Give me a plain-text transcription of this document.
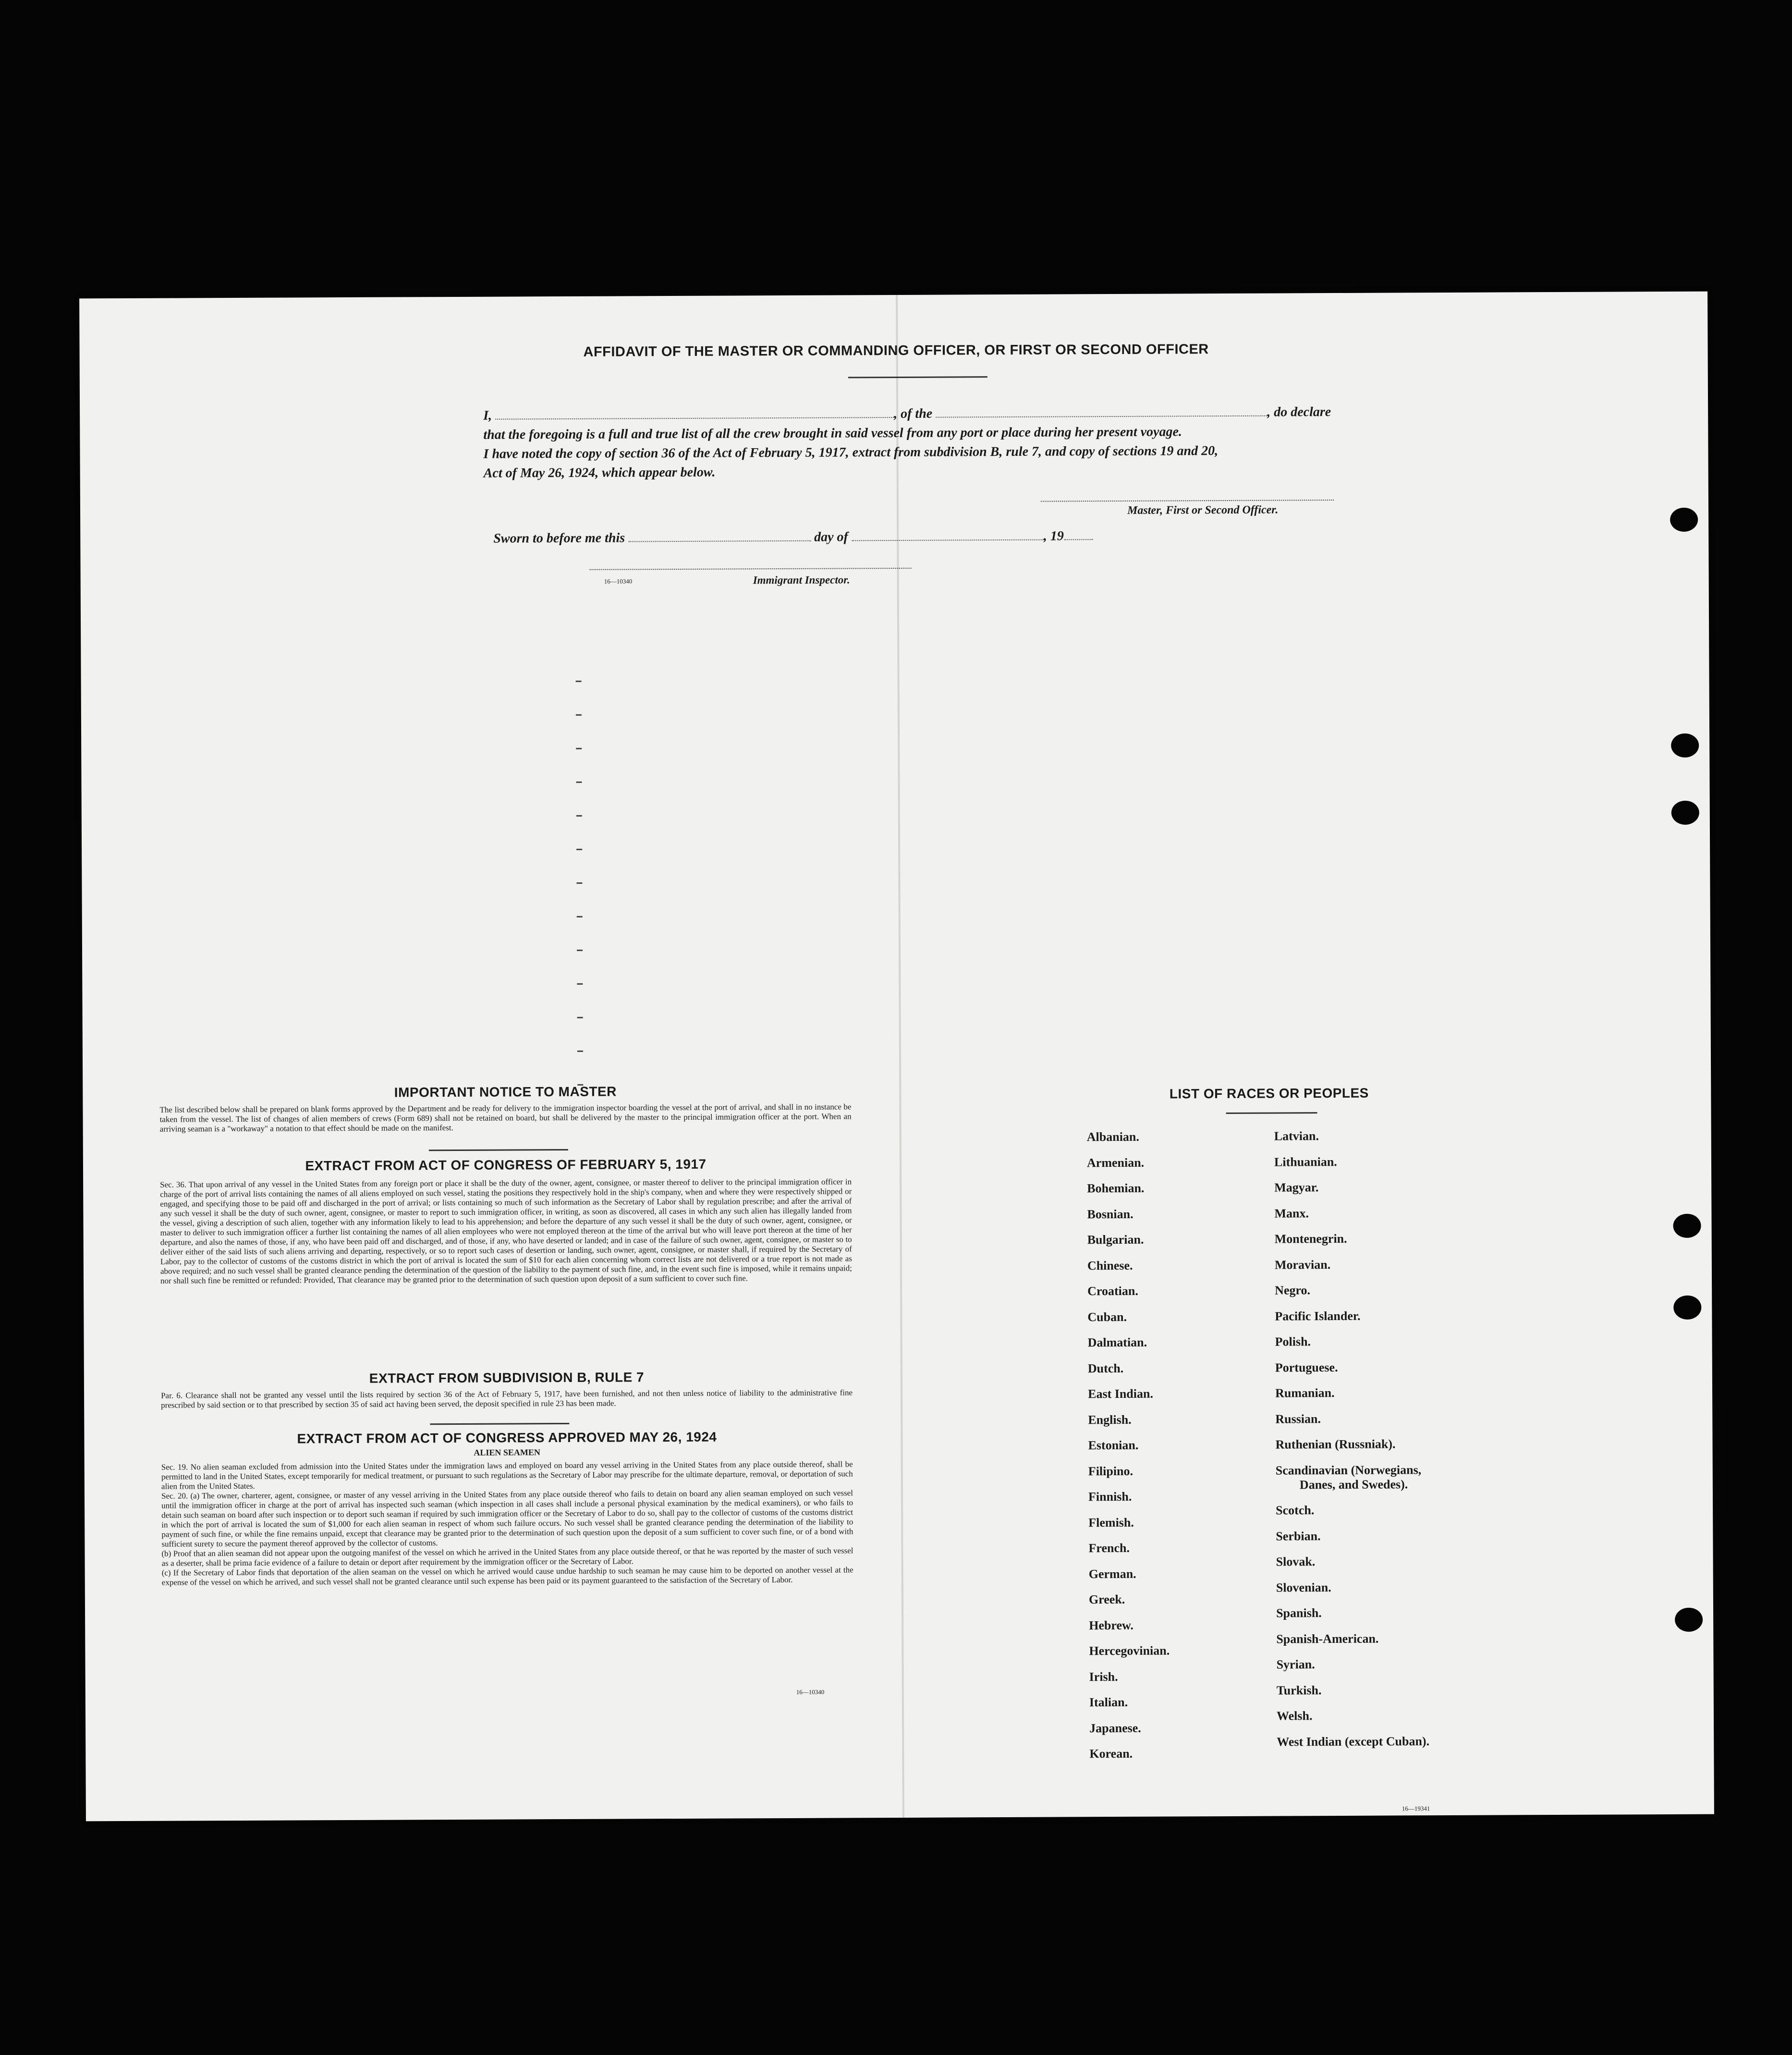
AFFIDAVIT OF THE MASTER OR COMMANDING OFFICER, OR FIRST OR SECOND OFFICER
I,	, of the	, do declare
that the foregoing is a full and true list of all the crew brought in said vessel from any port or place during her present voyage.
I have noted the copy of section 36 of the Act of February 5, 1917, extract from subdivision B, rule 7, and copy of sections 19 and 20,
Act of May 26, 1924, which appear below.
Master, First or Second Officer.
Sworn to before me this	day of	, 19
16—10340	Immigrant Inspector.
IMPORTANT NOTICE TO MASTER
The list described below shall be prepared on blank forms approved by the Department and be ready for delivery to the immigration inspector boarding the vessel at the port of arrival, and shall in no instance be taken from the vessel. The list of changes of alien members of crews (Form 689) shall not be retained on board, but shall be delivered by the master to the principal immigration officer at the port. When an arriving seaman is a "workaway" a notation to that effect should be made on the manifest.
EXTRACT FROM ACT OF CONGRESS OF FEBRUARY 5, 1917
Sec. 36. That upon arrival of any vessel in the United States from any foreign port or place it shall be the duty of the owner, agent, consignee, or master thereof to deliver to the principal immigration officer in charge of the port of arrival lists containing the names of all aliens employed on such vessel, stating the positions they respectively hold in the ship's company, when and where they were respectively shipped or engaged, and specifying those to be paid off and discharged in the port of arrival; or lists containing so much of such information as the Secretary of Labor shall by regulation prescribe; and after the arrival of any such vessel it shall be the duty of such owner, agent, consignee, or master to report to such immigration officer, in writing, as soon as discovered, all cases in which any such alien has illegally landed from the vessel, giving a description of such alien, together with any information likely to lead to his apprehension; and before the departure of any such vessel it shall be the duty of such owner, agent, consignee, or master to deliver to such immigration officer a further list containing the names of all alien employees who were not employed thereon at the time of the arrival but who will leave port thereon at the time of her departure, and also the names of those, if any, who have been paid off and discharged, and of those, if any, who have deserted or landed; and in case of the failure of such owner, agent, consignee, or master so to deliver either of the said lists of such aliens arriving and departing, respectively, or so to report such cases of desertion or landing, such owner, agent, consignee, or master shall, if required by the Secretary of Labor, pay to the collector of customs of the customs district in which the port of arrival is located the sum of $10 for each alien concerning whom correct lists are not delivered or a true report is not made as above required; and no such vessel shall be granted clearance pending the determination of the question of the liability to the payment of such fine, and, in the event such fine is imposed, while it remains unpaid; nor shall such fine be remitted or refunded: Provided, That clearance may be granted prior to the determination of such question upon deposit of a sum sufficient to cover such fine.
EXTRACT FROM SUBDIVISION B, RULE 7
Par. 6. Clearance shall not be granted any vessel until the lists required by section 36 of the Act of February 5, 1917, have been furnished, and not then unless notice of liability to the administrative fine prescribed by said section or to that prescribed by section 35 of said act having been served, the deposit specified in rule 23 has been made.
EXTRACT FROM ACT OF CONGRESS APPROVED MAY 26, 1924
ALIEN SEAMEN
Sec. 19. No alien seaman excluded from admission into the United States under the immigration laws and employed on board any vessel arriving in the United States from any place outside thereof, shall be permitted to land in the United States, except temporarily for medical treatment, or pursuant to such regulations as the Secretary of Labor may prescribe for the ultimate departure, removal, or deportation of such alien from the United States.
Sec. 20. (a) The owner, charterer, agent, consignee, or master of any vessel arriving in the United States from any place outside thereof who fails to detain on board any alien seaman employed on such vessel until the immigration officer in charge at the port of arrival has inspected such seaman (which inspection in all cases shall include a personal physical examination by the medical examiners), or who fails to detain such seaman on board after such inspection or to deport such seaman if required by such immigration officer or the Secretary of Labor to do so, shall pay to the collector of customs of the customs district in which the port of arrival is located the sum of $1,000 for each alien seaman in respect of whom such failure occurs. No such vessel shall be granted clearance pending the determination of the liability to payment of such fine, or while the fine remains unpaid, except that clearance may be granted prior to the determination of such question upon the deposit of a sum sufficient to cover such fine, or of a bond with sufficient surety to secure the payment thereof approved by the collector of customs.
(b) Proof that an alien seaman did not appear upon the outgoing manifest of the vessel on which he arrived in the United States from any place outside thereof, or that he was reported by the master of such vessel as a deserter, shall be prima facie evidence of a failure to detain or deport after requirement by the immigration officer or the Secretary of Labor.
(c) If the Secretary of Labor finds that deportation of the alien seaman on the vessel on which he arrived would cause undue hardship to such seaman he may cause him to be deported on another vessel at the expense of the vessel on which he arrived, and such vessel shall not be granted clearance until such expense has been paid or its payment guaranteed to the satisfaction of the Secretary of Labor.
16—10340
LIST OF RACES OR PEOPLES
16—19341
Albanian.
Armenian.
Bohemian.
Bosnian.
Bulgarian.
Chinese.
Croatian.
Cuban.
Dalmatian.
Dutch.
East Indian.
English.
Estonian.
Filipino.
Finnish.
Flemish.
French.
German.
Greek.
Hebrew.
Hercegovinian.
Irish.
Italian.
Japanese.
Korean.
Latvian.
Lithuanian.
Magyar.
Manx.
Montenegrin.
Moravian.
Negro.
Pacific Islander.
Polish.
Portuguese.
Rumanian.
Russian.
Ruthenian (Russniak).
Scandinavian (Norwegians,
Danes, and Swedes).
Scotch.
Serbian.
Slovak.
Slovenian.
Spanish.
Spanish-American.
Syrian.
Turkish.
Welsh.
West Indian (except Cuban).
